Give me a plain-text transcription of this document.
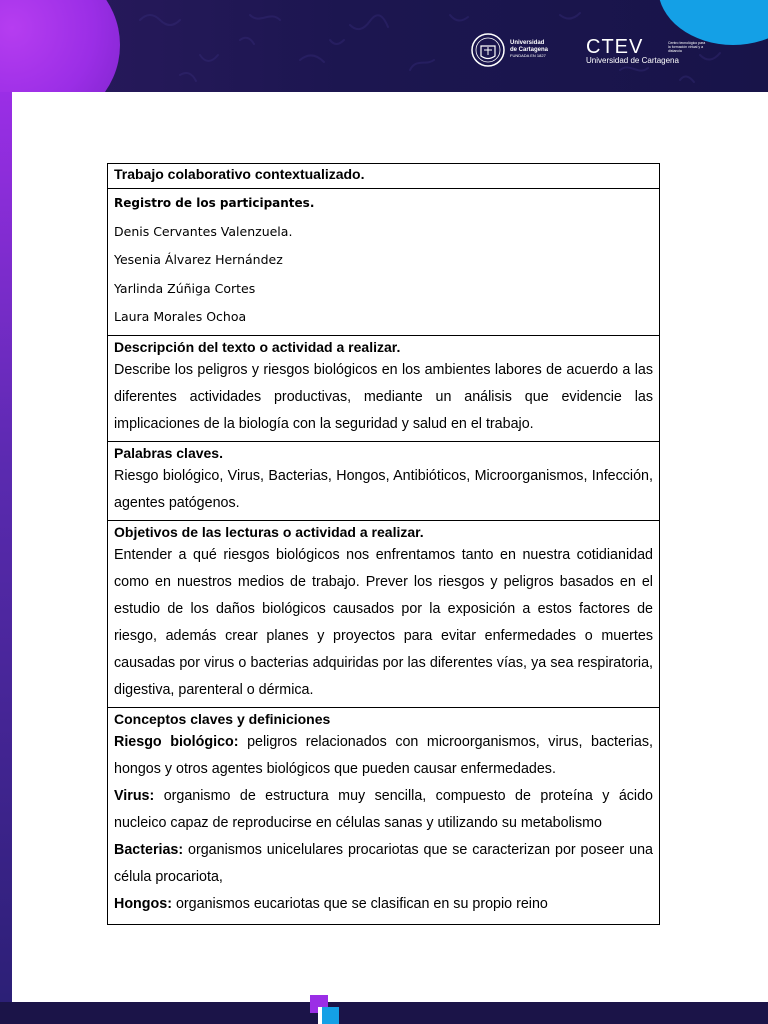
Universidad
de Cartagena
FUNDADA EN 1827 CTEV
Universidad de Cartagena
Centro tecnológico para la formación virtual y a distancia
Trabajo colaborativo contextualizado.
Registro de los participantes.
Denis Cervantes Valenzuela.
Yesenia Álvarez Hernández
Yarlinda Zúñiga Cortes
Laura Morales Ochoa
Descripción del texto o actividad a realizar.
Describe los peligros y riesgos biológicos en los ambientes labores de acuerdo a las diferentes actividades productivas, mediante un análisis que evidencie las implicaciones de la biología con la seguridad y salud en el trabajo.
Palabras claves.
Riesgo biológico, Virus, Bacterias, Hongos, Antibióticos, Microorganismos, Infección, agentes patógenos.
Objetivos de las lecturas o actividad a realizar.
Entender a qué riesgos biológicos nos enfrentamos tanto en nuestra cotidianidad como en nuestros medios de trabajo. Prever los riesgos y peligros basados en el estudio de los daños biológicos causados por la exposición a estos factores de riesgo, además crear planes y proyectos para evitar enfermedades o muertes causadas por virus o bacterias adquiridas por las diferentes vías, ya sea respiratoria, digestiva, parenteral o dérmica.
Conceptos claves y definiciones
Riesgo biológico: peligros relacionados con microorganismos, virus, bacterias, hongos y otros agentes biológicos que pueden causar enfermedades.
Virus: organismo de estructura muy sencilla, compuesto de proteína y ácido nucleico capaz de reproducirse en células sanas y utilizando su metabolismo
Bacterias: organismos unicelulares procariotas que se caracterizan por poseer una célula procariota,
Hongos: organismos eucariotas que se clasifican en su propio reino
